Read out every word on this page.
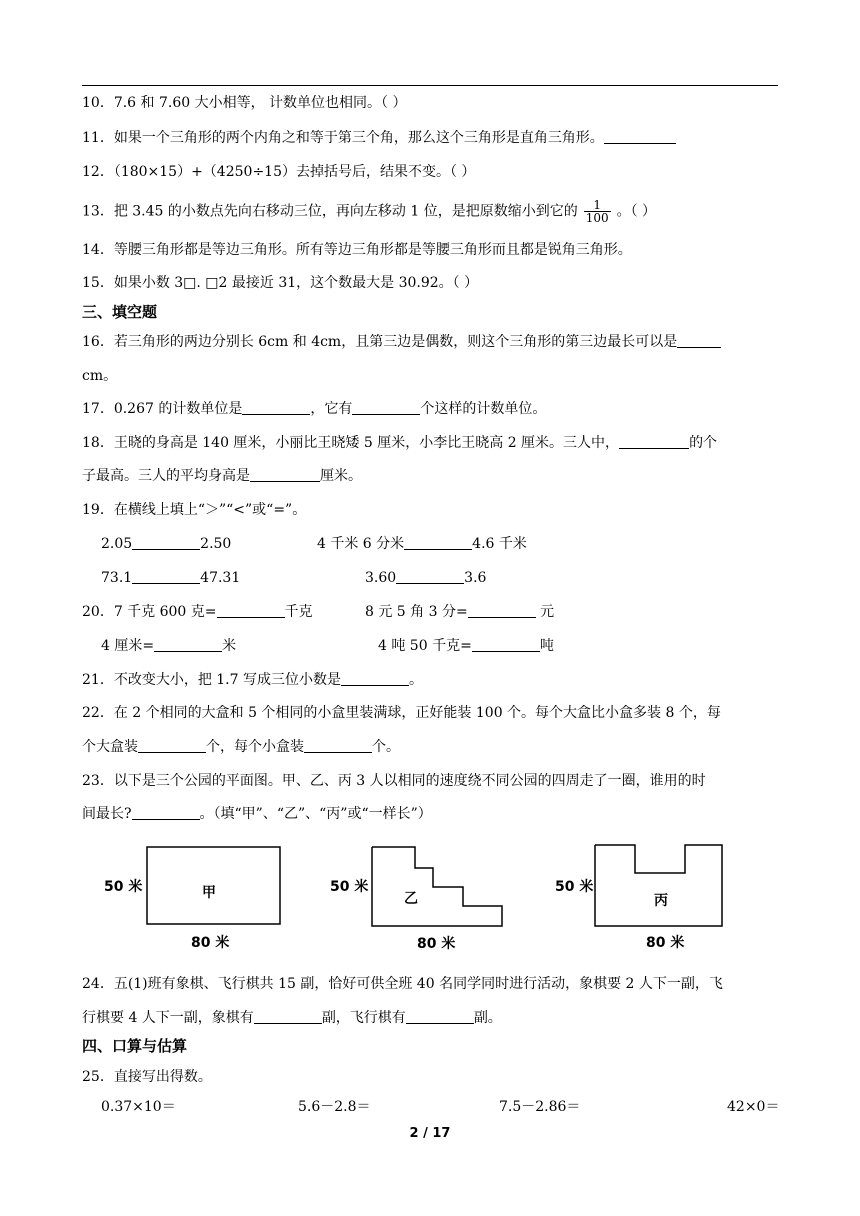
10．7.6 和 7.60 大小相等， 计数单位也相同。（ ）
11．如果一个三角形的两个内角之和等于第三个角，那么这个三角形是直角三角形。
12．（180×15）+（4250÷15）去掉括号后，结果不变。（ ）
13．把 3.45 的小数点先向右移动三位，再向左移动 1 位，是把原数缩小到它的 $\frac{1}{100}$ 。（ ）
14．等腰三角形都是等边三角形。所有等边三角形都是等腰三角形而且都是锐角三角形。
15．如果小数 3□. □2 最接近 31，这个数最大是 30.92。（ ）
三、填空题
16．若三角形的两边分别长 6cm 和 4cm，且第三边是偶数，则这个三角形的第三边最长可以是
cm。
17．0.267 的计数单位是	，它有	个这样的计数单位。
18．王晓的身高是 140 厘米，小丽比王晓矮 5 厘米，小李比王晓高 2 厘米。三人中，	的个
子最高。三人的平均身高是	厘米。
19．在横线上填上“＞”“<”或“=”。
2.05	2.50	4 千米 6 分米	4.6 千米
73.1	47.31	3.60	3.6
20．7 千克 600 克=	千克	8 元 5 角 3 分=	元
4 厘米=	米	4 吨 50 千克=	吨
21．不改变大小，把 1.7 写成三位小数是	。
22．在 2 个相同的大盒和 5 个相同的小盒里装满球，正好能装 100 个。每个大盒比小盒多装 8 个，每
个大盒装	个，每个小盒装	个。
23．以下是三个公园的平面图。甲、乙、丙 3 人以相同的速度绕不同公园的四周走了一圈，谁用的时
间最长?	。（填“甲”、“乙”、“丙”或“一样长”）
50 米	甲
80 米
50 米
乙
80 米
50 米
丙
80 米
24．五(1)班有象棋、飞行棋共 15 副，恰好可供全班 40 名同学同时进行活动，象棋要 2 人下一副，飞
行棋要 4 人下一副，象棋有	副，飞行棋有	副。
四、口算与估算
25．直接写出得数。
0.37×10＝	5.6－2.8＝	7.5－2.86＝	42×0＝
2 / 17
